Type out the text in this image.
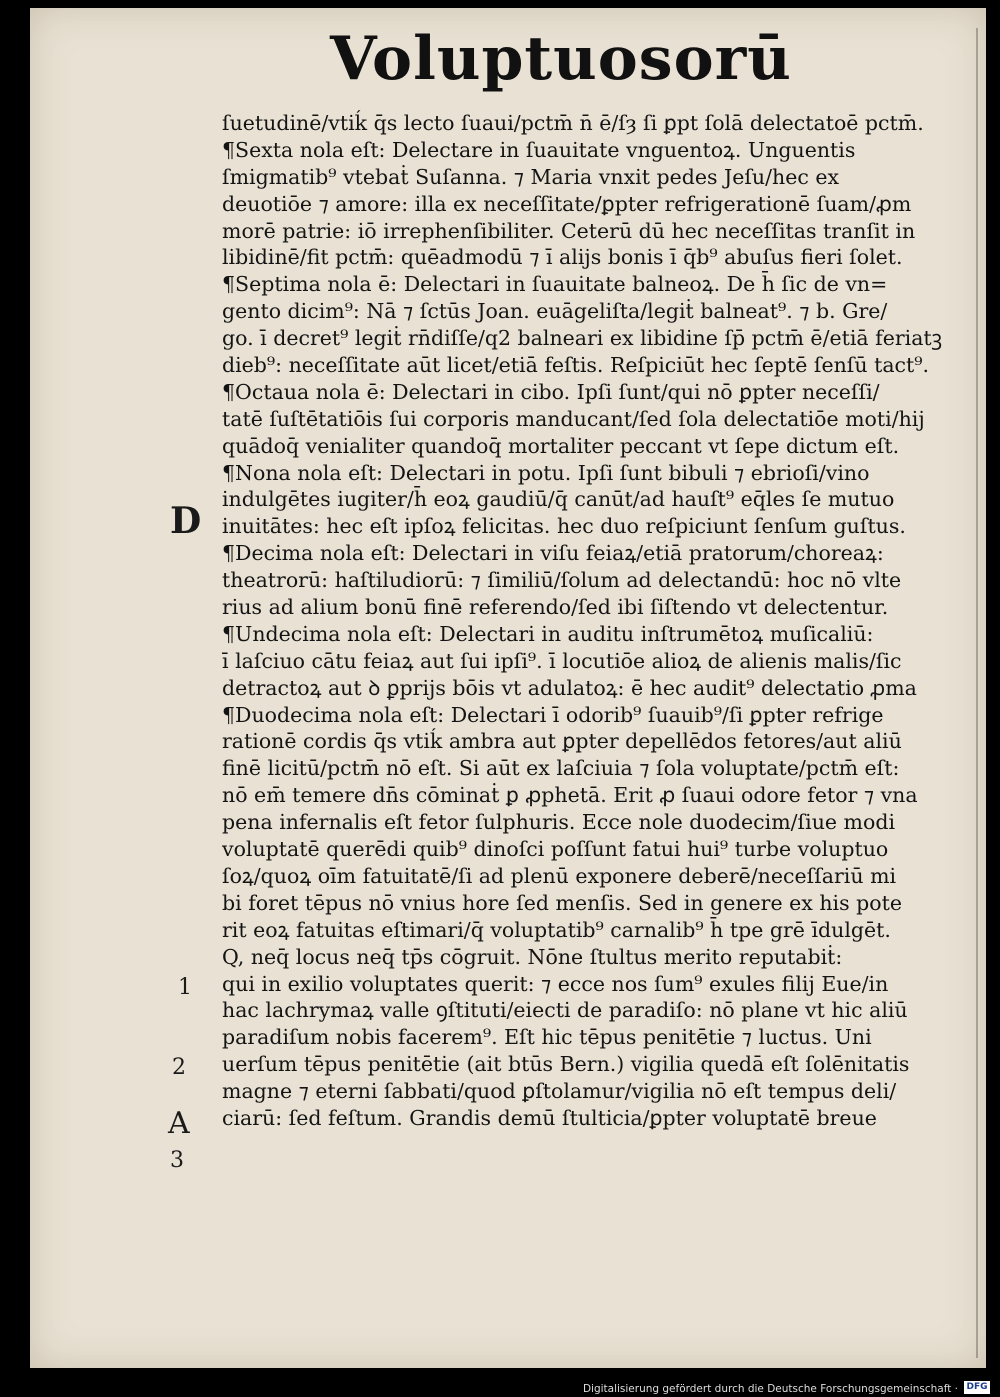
Voluptuosorū
ſuetudinē/vtiḱ q̄s lecto ſuaui/pctm̄ n̄ ē/ſȝ ſi ꝑpt ſolā delectatoē pctm̄.
¶Sexta nola eſt: Delectare in ſuauitate vnguentoꝝ. Unguentis
ſmigmatib⁹ vtebaṫ Suſanna. ⁊ Maria vnxit pedes Jeſu/hec ex
deuotiōe ⁊ amore: illa ex neceſſitate/ꝑpter refrigerationē ſuam/ꝓm
morē patrie: iō irrephenſibiliter. Ceterū dū hec neceſſitas tranſit in
libidinē/fit pctm̄: quēadmodū ⁊ ī alijs bonis ī q̄b⁹ abuſus fieri ſolet.
¶Septima nola ē: Delectari in ſuauitate balneoꝝ. De h̄ ſic de vn=
gento dicim⁹: Nā ⁊ ſctūs Joan. euāgeliſta/legiṫ balneat⁹. ⁊ b. Gre/
go. ī decret⁹ legiṫ rn̄diſſe/q2 balneari ex libidine ſp̄ pctm̄ ē/etiā feriatꝫ
dieb⁹: neceſſitate aūt licet/etiā feſtis. Reſpiciūt hec ſeptē ſenſū tact⁹.
¶Octaua nola ē: Delectari in cibo. Ipſi ſunt/qui nō ꝑpter neceſſi/
tatē ſuſtētatiōis ſui corporis manducant/ſed ſola delectatiōe moti/hij
quādoq̄ venialiter quandoq̄ mortaliter peccant vt ſepe dictum eſt.
¶Nona nola eſt: Delectari in potu. Ipſi ſunt bibuli ⁊ ebrioſi/vino
indulgētes iugiter/h̄ eoꝝ gaudiū/q̄ canūt/ad hauſt⁹ eq̄les ſe mutuo
inuitātes: hec eſt ipſoꝝ felicitas. hec duo reſpiciunt ſenſum guſtus.
¶Decima nola eſt: Delectari in viſu feiaꝝ/etiā pratorum/choreaꝝ:
theatrorū: haſtiludiorū: ⁊ ſimiliū/ſolum ad delectandū: hoc nō vlte
rius ad alium bonū finē referendo/ſed ibi ſiſtendo vt delectentur.
¶Undecima nola eſt: Delectari in auditu inſtrumētoꝝ muſicaliū:
ī laſciuo cātu feiaꝝ aut ſui ipſi⁹. ī locutiōe alioꝝ de alienis malis/ſic
detractoꝝ aut ꝺ ꝑprijs bōis vt adulatoꝝ: ē hec audit⁹ delectatio ꝓma
¶Duodecima nola eſt: Delectari ī odorib⁹ ſuauib⁹/ſi ꝑpter refrige
rationē cordis q̄s vtiḱ ambra aut ꝑpter depellēdos fetores/aut aliū
finē licitū/pctm̄ nō eſt. Si aūt ex laſciuia ⁊ ſola voluptate/pctm̄ eſt:
nō em̄ temere dn̄s cōminaṫ ꝑ ꝓphetā. Erit ꝓ ſuaui odore fetor ⁊ vna
pena infernalis eſt fetor ſulphuris. Ecce nole duodecim/ſiue modi
voluptatē querēdi quib⁹ dinoſci poſſunt fatui hui⁹ turbe voluptuo
ſoꝝ/quoꝝ oīm fatuitatē/ſi ad plenū exponere deberē/neceſſariū mi
bi foret tēpus nō vnius hore ſed menſis. Sed in genere ex his pote
rit eoꝝ fatuitas eſtimari/q̄ voluptatib⁹ carnalib⁹ h̄ tpe grē īdulgēt.
Q, neq̄ locus neq̄ tp̄s cōgruit. Nōne ſtultus merito reputabiṫ:
qui in exilio voluptates querit: ⁊ ecce nos ſum⁹ exules filij Eue/in
hac lachrymaꝝ valle ꝯſtituti/eiecti de paradiſo: nō plane vt hic aliū
paradiſum nobis facerem⁹. Eſt hic tēpus penitētie ⁊ luctus. Uni
uerſum tēpus penitētie (ait btūs Bern.) vigilia quedā eſt ſolēnitatis
magne ⁊ eterni ſabbati/quod ꝑſtolamur/vigilia nō eſt tempus deli/
ciarū: ſed feſtum. Grandis demū ſtulticia/ꝑpter voluptatē breue
D
1
2
A
3
Digitalisierung gefördert durch die Deutsche Forschungsgemeinschaft · DFG
